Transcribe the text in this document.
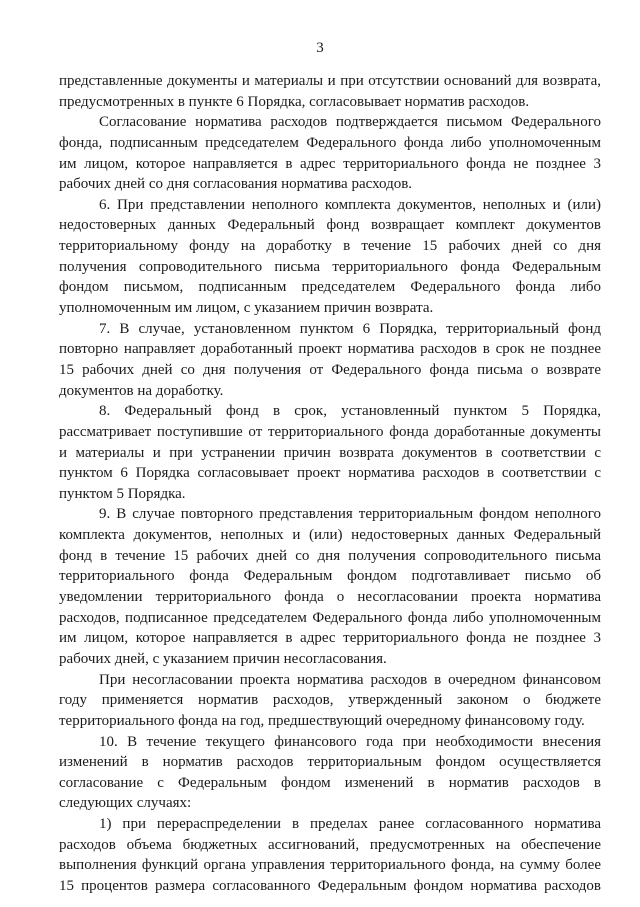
3
представленные документы и материалы и при отсутствии оснований для возврата,
предусмотренных в пункте 6 Порядка, согласовывает норматив расходов.
Согласование норматива расходов подтверждается письмом Федерального
фонда, подписанным председателем Федерального фонда либо уполномоченным
им лицом, которое направляется в адрес территориального фонда не позднее 3
рабочих дней со дня согласования норматива расходов.
6. При представлении неполного комплекта документов, неполных и (или)
недостоверных данных Федеральный фонд возвращает комплект документов
территориальному фонду на доработку в течение 15 рабочих дней со дня
получения сопроводительного письма территориального фонда Федеральным
фондом письмом, подписанным председателем Федерального фонда либо
уполномоченным им лицом, с указанием причин возврата.
7. В случае, установленном пунктом 6 Порядка, территориальный фонд
повторно направляет доработанный проект норматива расходов в срок не позднее
15 рабочих дней со дня получения от Федерального фонда письма о возврате
документов на доработку.
8. Федеральный фонд в срок, установленный пунктом 5 Порядка,
рассматривает поступившие от территориального фонда доработанные документы
и материалы и при устранении причин возврата документов в соответствии с
пунктом 6 Порядка согласовывает проект норматива расходов в соответствии с
пунктом 5 Порядка.
9. В случае повторного представления территориальным фондом неполного
комплекта документов, неполных и (или) недостоверных данных Федеральный
фонд в течение 15 рабочих дней со дня получения сопроводительного письма
территориального фонда Федеральным фондом подготавливает письмо об
уведомлении территориального фонда о несогласовании проекта норматива
расходов, подписанное председателем Федерального фонда либо уполномоченным
им лицом, которое направляется в адрес территориального фонда не позднее 3
рабочих дней, с указанием причин несогласования.
При несогласовании проекта норматива расходов в очередном финансовом
году применяется норматив расходов, утвержденный законом о бюджете
территориального фонда на год, предшествующий очередному финансовому году.
10. В течение текущего финансового года при необходимости внесения
изменений в норматив расходов территориальным фондом осуществляется
согласование с Федеральным фондом изменений в норматив расходов в
следующих случаях:
1) при перераспределении в пределах ранее согласованного норматива
расходов объема бюджетных ассигнований, предусмотренных на обеспечение
выполнения функций органа управления территориального фонда, на сумму более
15 процентов размера согласованного Федеральным фондом норматива расходов
